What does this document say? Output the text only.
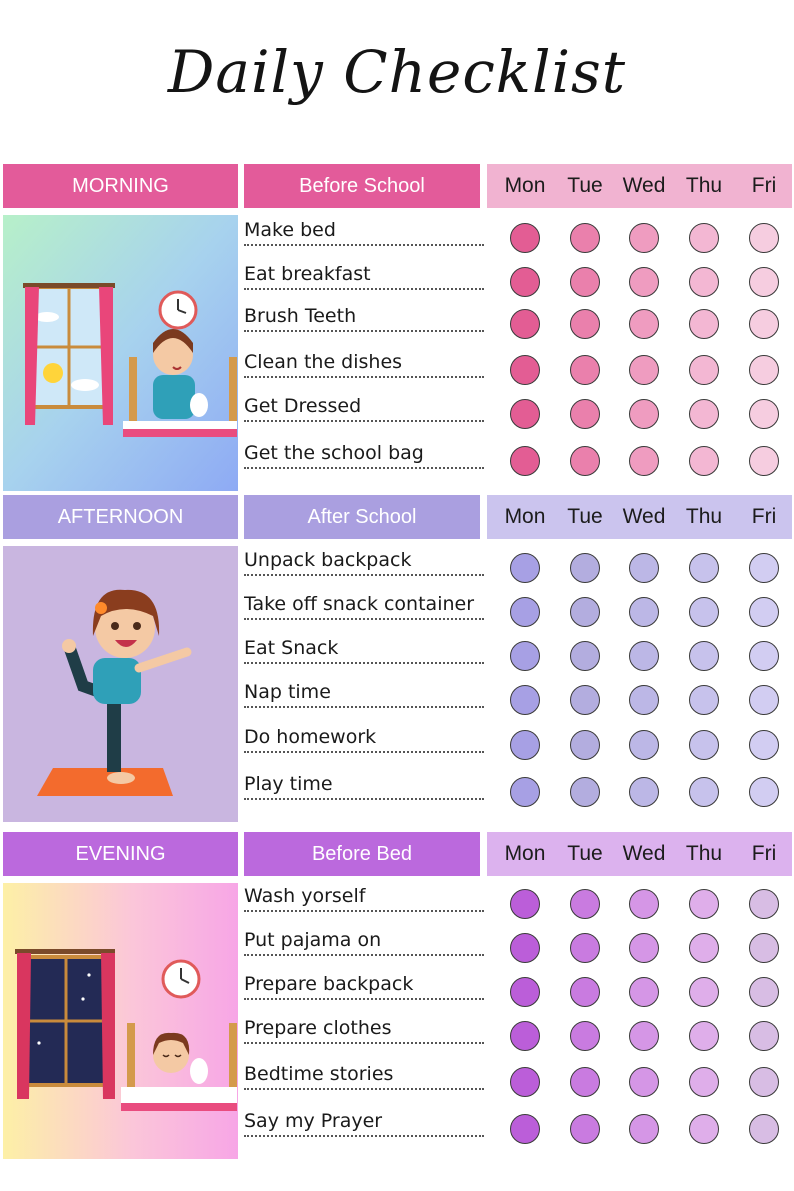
Daily Checklist
MORNING	Before School	Mon	Tue Wed Thu	Fri
Make bed
Eat breakfast
Brush Teeth
Clean the dishes
Get Dressed
Get the school bag
AFTERNOON	After School	Mon	Tue Wed Thu	Fri
Unpack backpack
Take off snack container
Eat Snack
Nap time
Do homework
Play time
EVENING	Before Bed	Mon	Tue Wed Thu	Fri
Wash yorself
Put pajama on
Prepare backpack
Prepare clothes
Bedtime stories
Say my Prayer
